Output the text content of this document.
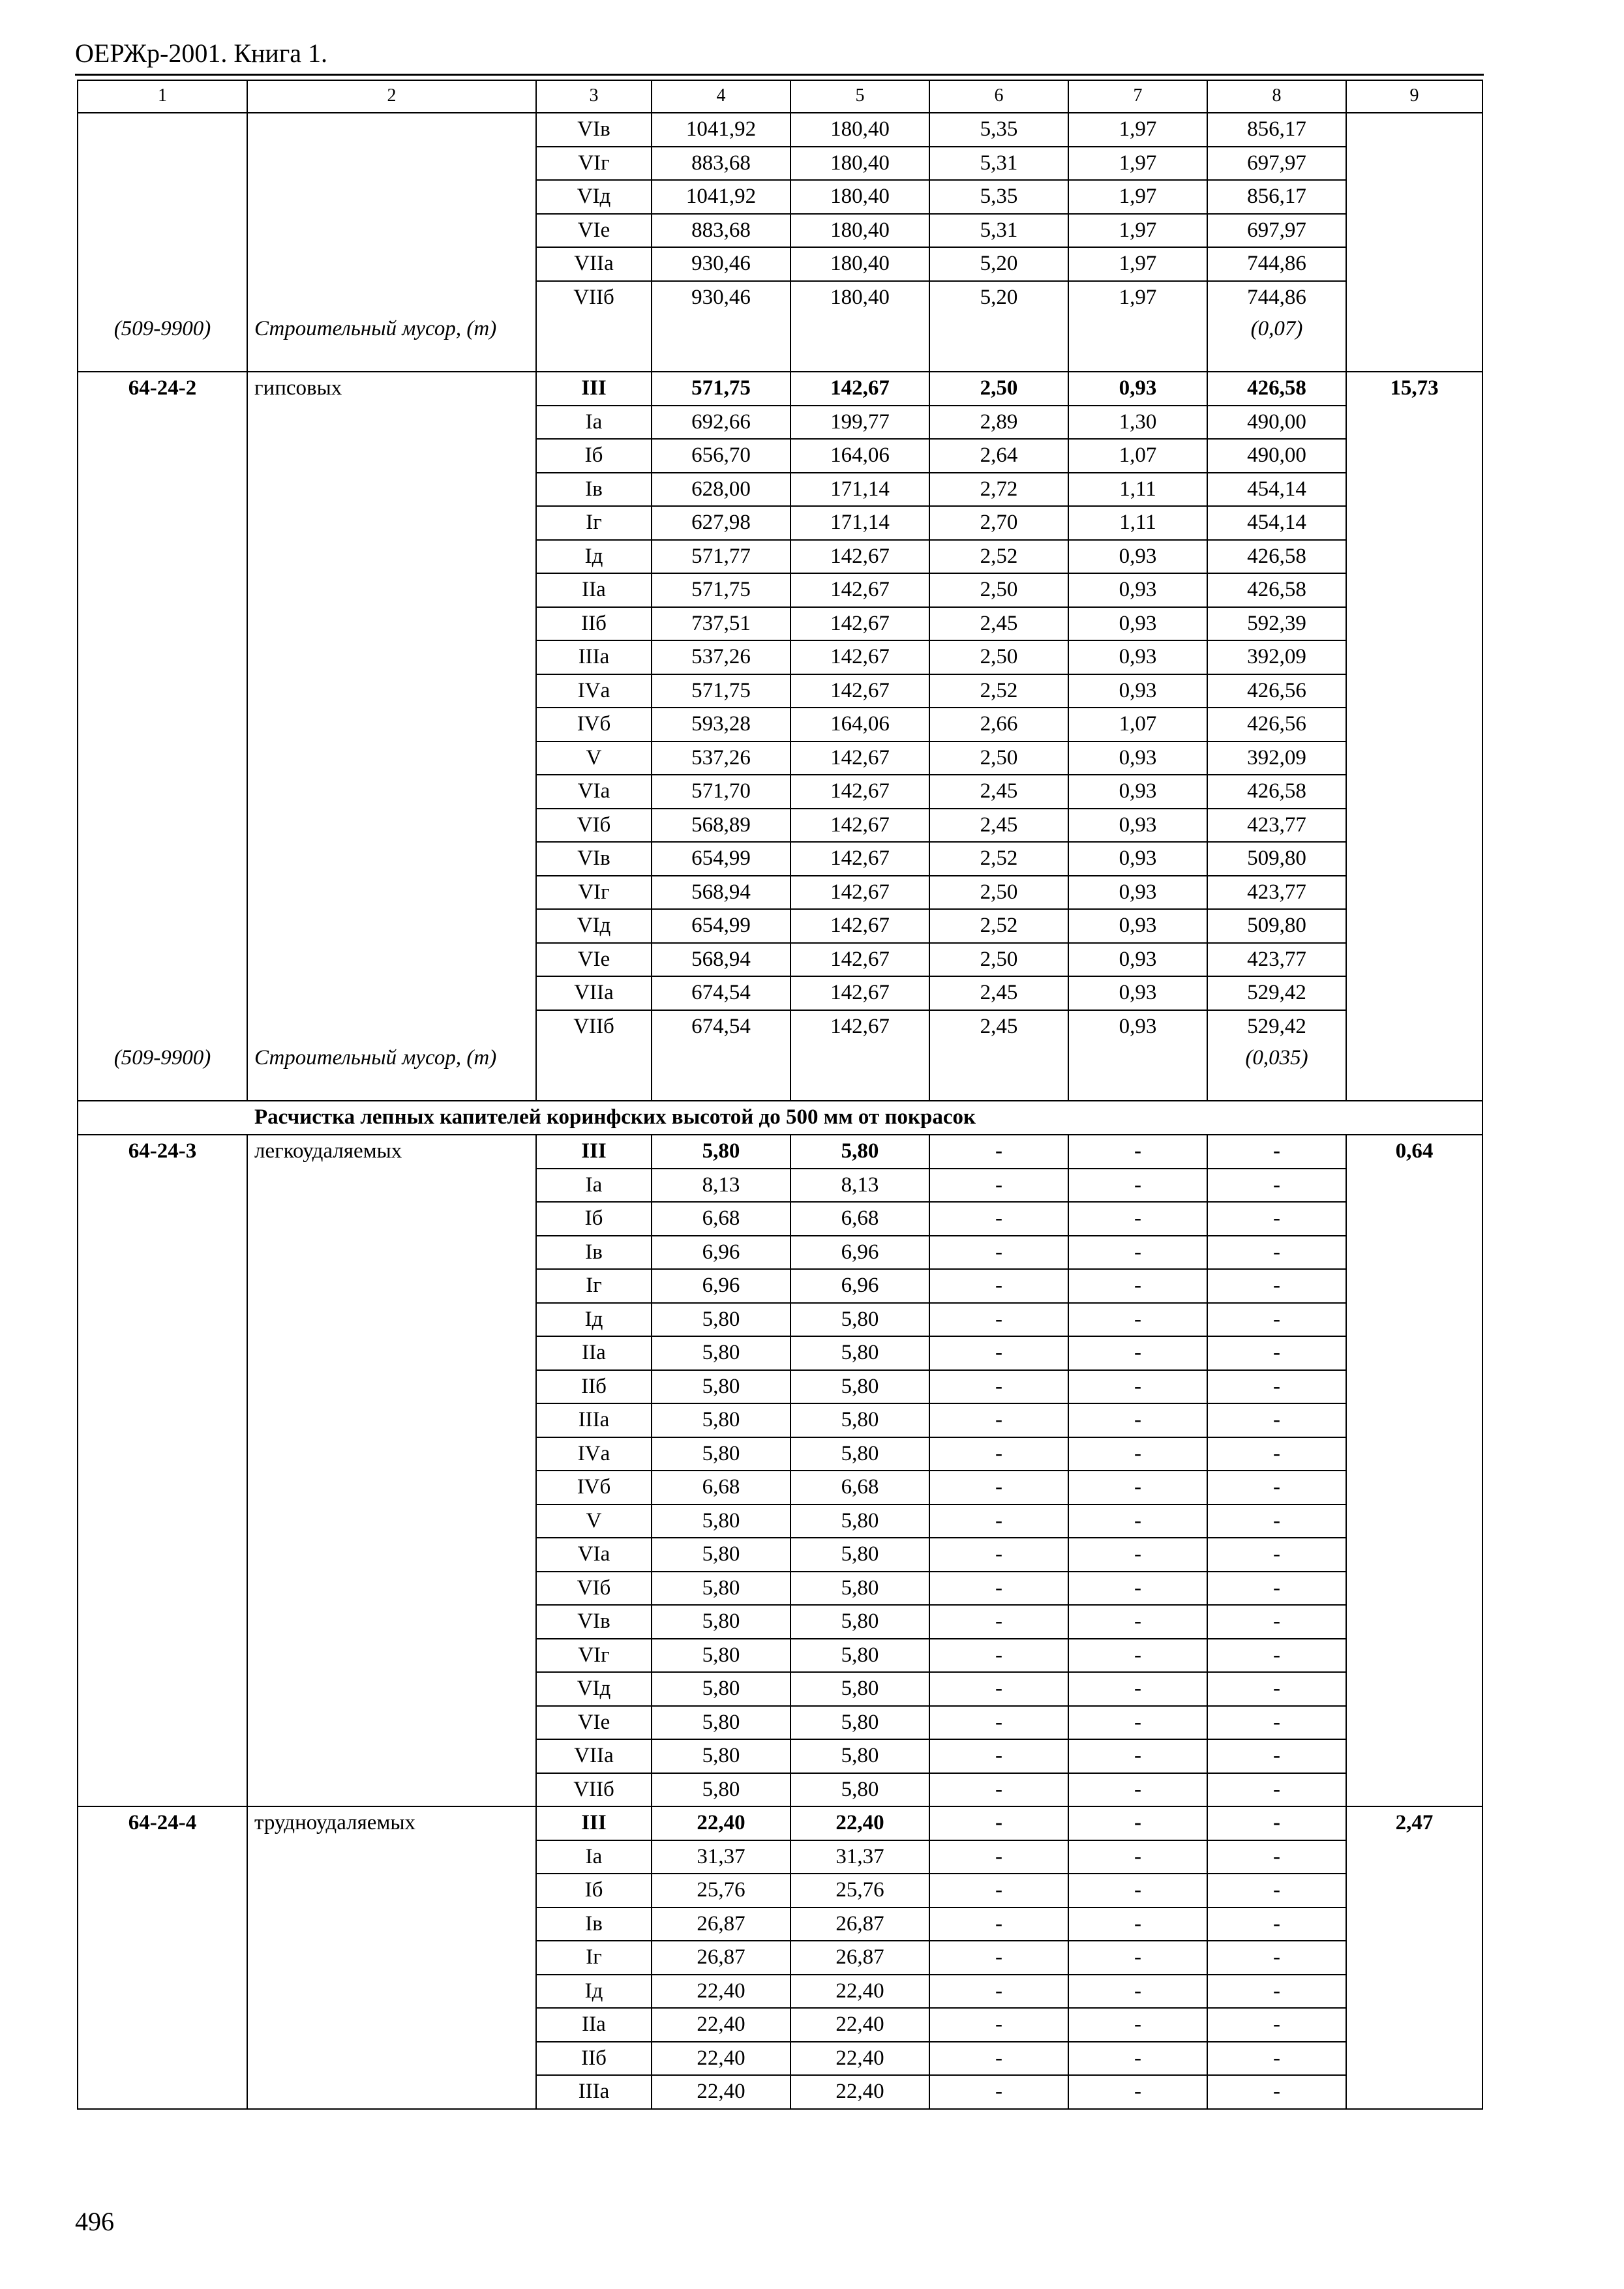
ОЕРЖр-2001. Книга 1.
1	2	3	4	5	6	7	8	9
		VIв	1041,92	180,40	5,35	1,97	856,17	
		VIг	883,68	180,40	5,31	1,97	697,97	
		VIд	1041,92	180,40	5,35	1,97	856,17	
		VIе	883,68	180,40	5,31	1,97	697,97	
		VIIа	930,46	180,40	5,20	1,97	744,86	
		VIIб	930,46	180,40	5,20	1,97	744,86	
(509-9900)	Строительный мусор, (т)						(0,07)	
64-24-2	гипсовых	III	571,75	142,67	2,50	0,93	426,58	15,73
		Iа	692,66	199,77	2,89	1,30	490,00	
		Iб	656,70	164,06	2,64	1,07	490,00	
		Iв	628,00	171,14	2,72	1,11	454,14	
		Iг	627,98	171,14	2,70	1,11	454,14	
		Iд	571,77	142,67	2,52	0,93	426,58	
		IIа	571,75	142,67	2,50	0,93	426,58	
		IIб	737,51	142,67	2,45	0,93	592,39	
		IIIа	537,26	142,67	2,50	0,93	392,09	
		IVа	571,75	142,67	2,52	0,93	426,56	
		IVб	593,28	164,06	2,66	1,07	426,56	
		V	537,26	142,67	2,50	0,93	392,09	
		VIа	571,70	142,67	2,45	0,93	426,58	
		VIб	568,89	142,67	2,45	0,93	423,77	
		VIв	654,99	142,67	2,52	0,93	509,80	
		VIг	568,94	142,67	2,50	0,93	423,77	
		VIд	654,99	142,67	2,52	0,93	509,80	
		VIе	568,94	142,67	2,50	0,93	423,77	
		VIIа	674,54	142,67	2,45	0,93	529,42	
		VIIб	674,54	142,67	2,45	0,93	529,42	
(509-9900)	Строительный мусор, (т)						(0,035)	
Расчистка лепных капителей коринфских высотой до 500 мм от покрасок								
64-24-3	легкоудаляемых	III	5,80	5,80	-	-	-	0,64
		Iа	8,13	8,13	-	-	-	
		Iб	6,68	6,68	-	-	-	
		Iв	6,96	6,96	-	-	-	
		Iг	6,96	6,96	-	-	-	
		Iд	5,80	5,80	-	-	-	
		IIа	5,80	5,80	-	-	-	
		IIб	5,80	5,80	-	-	-	
		IIIа	5,80	5,80	-	-	-	
		IVа	5,80	5,80	-	-	-	
		IVб	6,68	6,68	-	-	-	
		V	5,80	5,80	-	-	-	
		VIа	5,80	5,80	-	-	-	
		VIб	5,80	5,80	-	-	-	
		VIв	5,80	5,80	-	-	-	
		VIг	5,80	5,80	-	-	-	
		VIд	5,80	5,80	-	-	-	
		VIе	5,80	5,80	-	-	-	
		VIIа	5,80	5,80	-	-	-	
		VIIб	5,80	5,80	-	-	-	
64-24-4	трудноудаляемых	III	22,40	22,40	-	-	-	2,47
		Iа	31,37	31,37	-	-	-	
		Iб	25,76	25,76	-	-	-	
		Iв	26,87	26,87	-	-	-	
		Iг	26,87	26,87	-	-	-	
		Iд	22,40	22,40	-	-	-	
		IIа	22,40	22,40	-	-	-	
		IIб	22,40	22,40	-	-	-	
		IIIа	22,40	22,40	-	-	-	
496
